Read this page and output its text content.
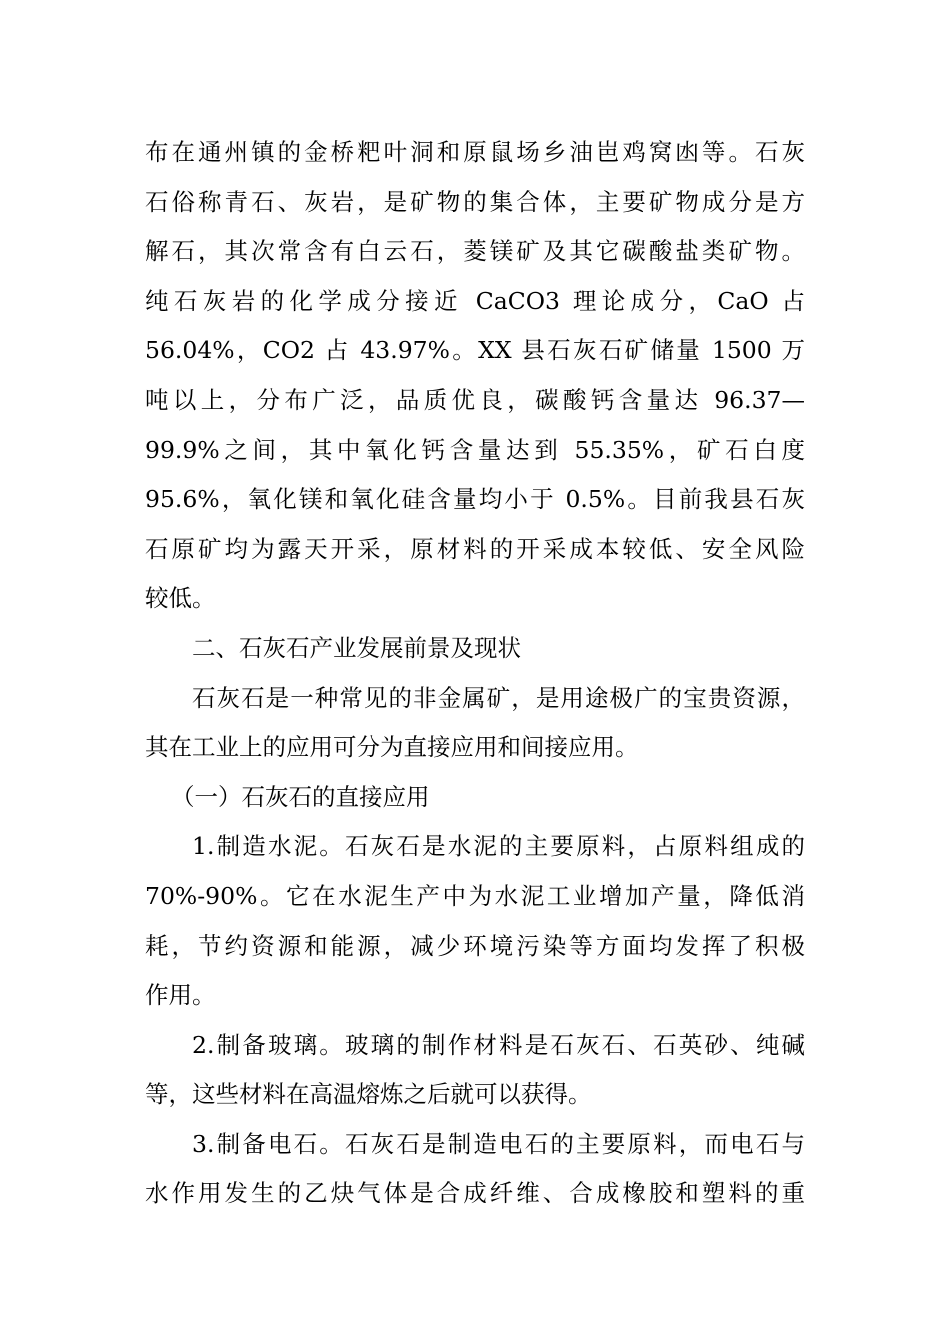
布在通州镇的金桥粑叶洞和原鼠场乡油岜鸡窝凼等。石灰
石俗称青石、灰岩，是矿物的集合体，主要矿物成分是方
解石，其次常含有白云石，菱镁矿及其它碳酸盐类矿物。
纯石灰岩的化学成分接近 CaCO3 理论成分，CaO 占
56.04%，CO2 占 43.97%。XX 县石灰石矿储量 1500 万
吨以上，分布广泛，品质优良，碳酸钙含量达 96.37—
99.9%之间，其中氧化钙含量达到 55.35%，矿石白度
95.6%，氧化镁和氧化硅含量均小于 0.5%。目前我县石灰
石原矿均为露天开采，原材料的开采成本较低、安全风险
较低。
二、石灰石产业发展前景及现状
石灰石是一种常见的非金属矿，是用途极广的宝贵资源，
其在工业上的应用可分为直接应用和间接应用。
（一）石灰石的直接应用
1.制造水泥。石灰石是水泥的主要原料，占原料组成的
70%-90%。它在水泥生产中为水泥工业增加产量，降低消
耗，节约资源和能源，减少环境污染等方面均发挥了积极
作用。
2.制备玻璃。玻璃的制作材料是石灰石、石英砂、纯碱
等，这些材料在高温熔炼之后就可以获得。
3.制备电石。石灰石是制造电石的主要原料，而电石与
水作用发生的乙炔气体是合成纤维、合成橡胶和塑料的重
